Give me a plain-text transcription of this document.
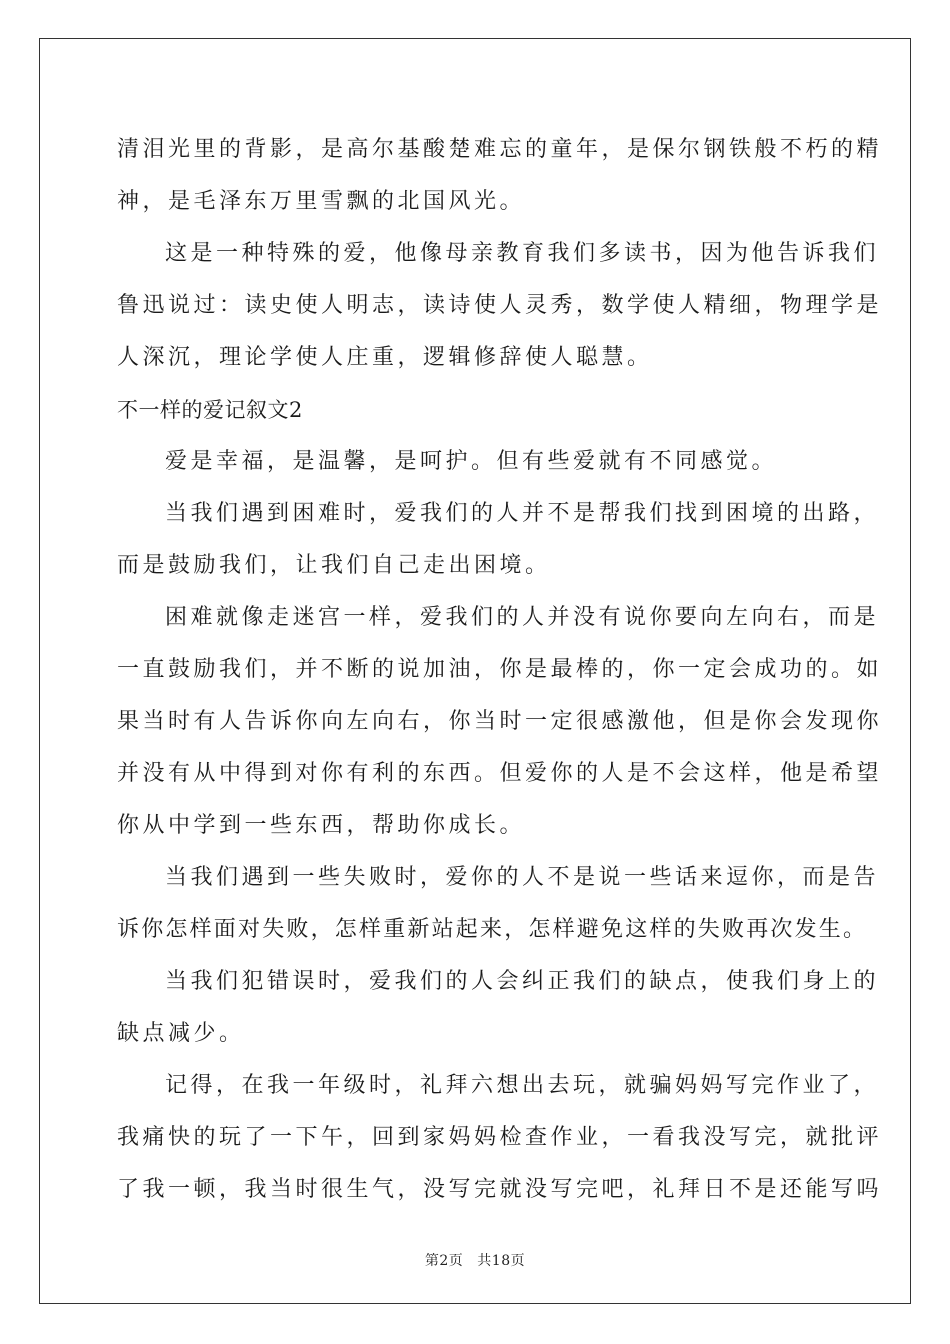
清泪光里的背影，是高尔基酸楚难忘的童年，是保尔钢铁般不朽的精
神，是毛泽东万里雪飘的北国风光。
这是一种特殊的爱，他像母亲教育我们多读书，因为他告诉我们
鲁迅说过：读史使人明志，读诗使人灵秀，数学使人精细，物理学是
人深沉，理论学使人庄重，逻辑修辞使人聪慧。
不一样的爱记叙文2
爱是幸福，是温馨，是呵护。但有些爱就有不同感觉。
当我们遇到困难时，爱我们的人并不是帮我们找到困境的出路，
而是鼓励我们，让我们自己走出困境。
困难就像走迷宫一样，爱我们的人并没有说你要向左向右，而是
一直鼓励我们，并不断的说加油，你是最棒的，你一定会成功的。如
果当时有人告诉你向左向右，你当时一定很感激他，但是你会发现你
并没有从中得到对你有利的东西。但爱你的人是不会这样，他是希望
你从中学到一些东西，帮助你成长。
当我们遇到一些失败时，爱你的人不是说一些话来逗你，而是告
诉你怎样面对失败，怎样重新站起来，怎样避免这样的失败再次发生。
当我们犯错误时，爱我们的人会纠正我们的缺点，使我们身上的
缺点减少。
记得，在我一年级时，礼拜六想出去玩，就骗妈妈写完作业了，
我痛快的玩了一下午，回到家妈妈检查作业，一看我没写完，就批评
了我一顿，我当时很生气，没写完就没写完吧，礼拜日不是还能写吗
第2页 共18页
